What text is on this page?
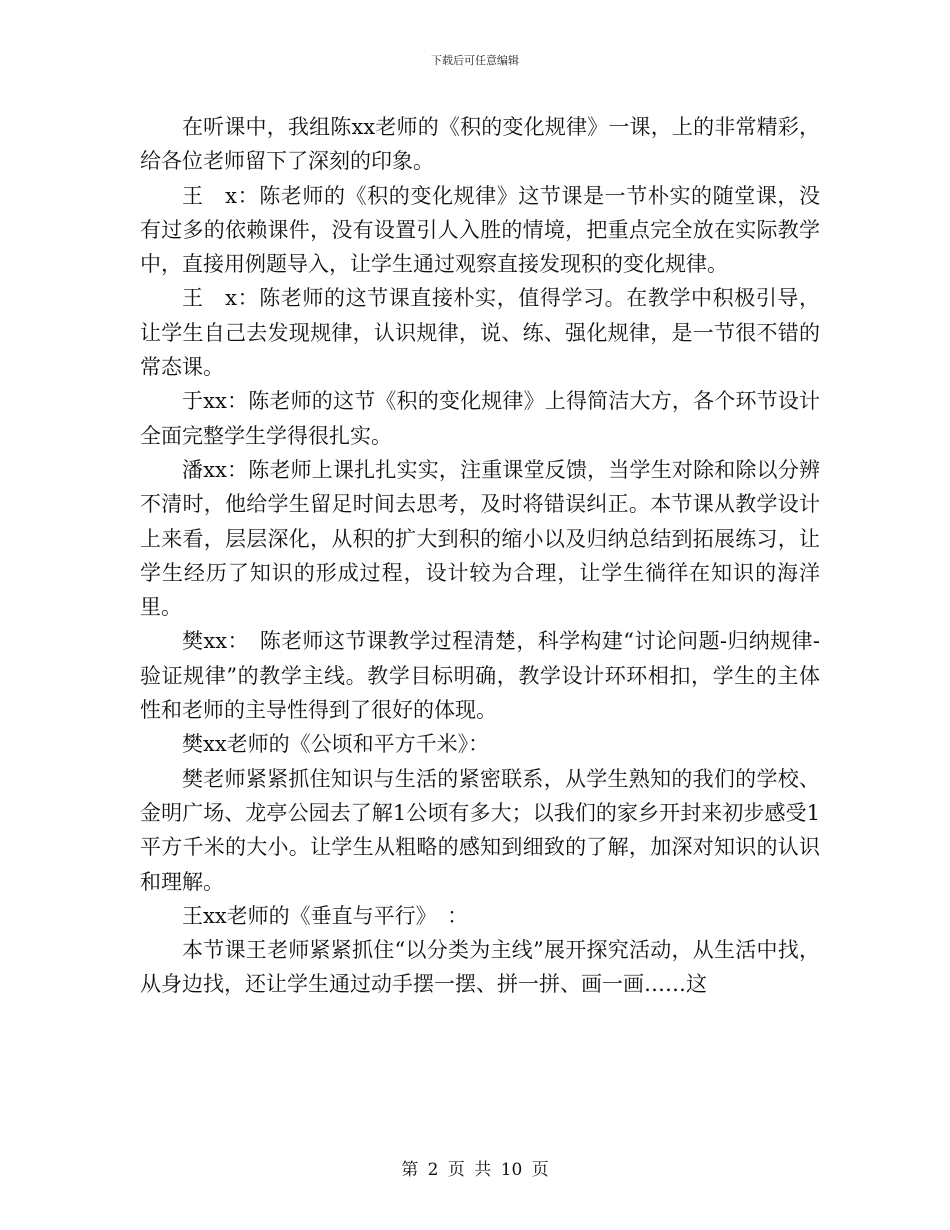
下载后可任意编辑

在听课中，我组陈xx老师的《积的变化规律》一课，上的非常精彩，给各位老师留下了深刻的印象。

王　x：陈老师的《积的变化规律》这节课是一节朴实的随堂课，没有过多的依赖课件，没有设置引人入胜的情境，把重点完全放在实际教学中，直接用例题导入，让学生通过观察直接发现积的变化规律。

王　x：陈老师的这节课直接朴实，值得学习。在教学中积极引导，让学生自己去发现规律，认识规律，说、练、强化规律，是一节很不错的常态课。

于xx：陈老师的这节《积的变化规律》上得简洁大方，各个环节设计全面完整学生学得很扎实。

潘xx：陈老师上课扎扎实实，注重课堂反馈，当学生对除和除以分辨不清时，他给学生留足时间去思考，及时将错误纠正。本节课从教学设计上来看，层层深化，从积的扩大到积的缩小以及归纳总结到拓展练习，让学生经历了知识的形成过程，设计较为合理，让学生徜徉在知识的海洋里。

樊xx：　陈老师这节课教学过程清楚，科学构建“讨论问题-归纳规律-验证规律”的教学主线。教学目标明确，教学设计环环相扣，学生的主体性和老师的主导性得到了很好的体现。

樊xx老师的《公顷和平方千米》：

樊老师紧紧抓住知识与生活的紧密联系，从学生熟知的我们的学校、金明广场、龙亭公园去了解1公顷有多大；以我们的家乡开封来初步感受1平方千米的大小。让学生从粗略的感知到细致的了解，加深对知识的认识和理解。

王xx老师的《垂直与平行》　：

本节课王老师紧紧抓住“以分类为主线”展开探究活动，从生活中找，从身边找，还让学生通过动手摆一摆、拼一拼、画一画……这

第 2 页 共 10 页
